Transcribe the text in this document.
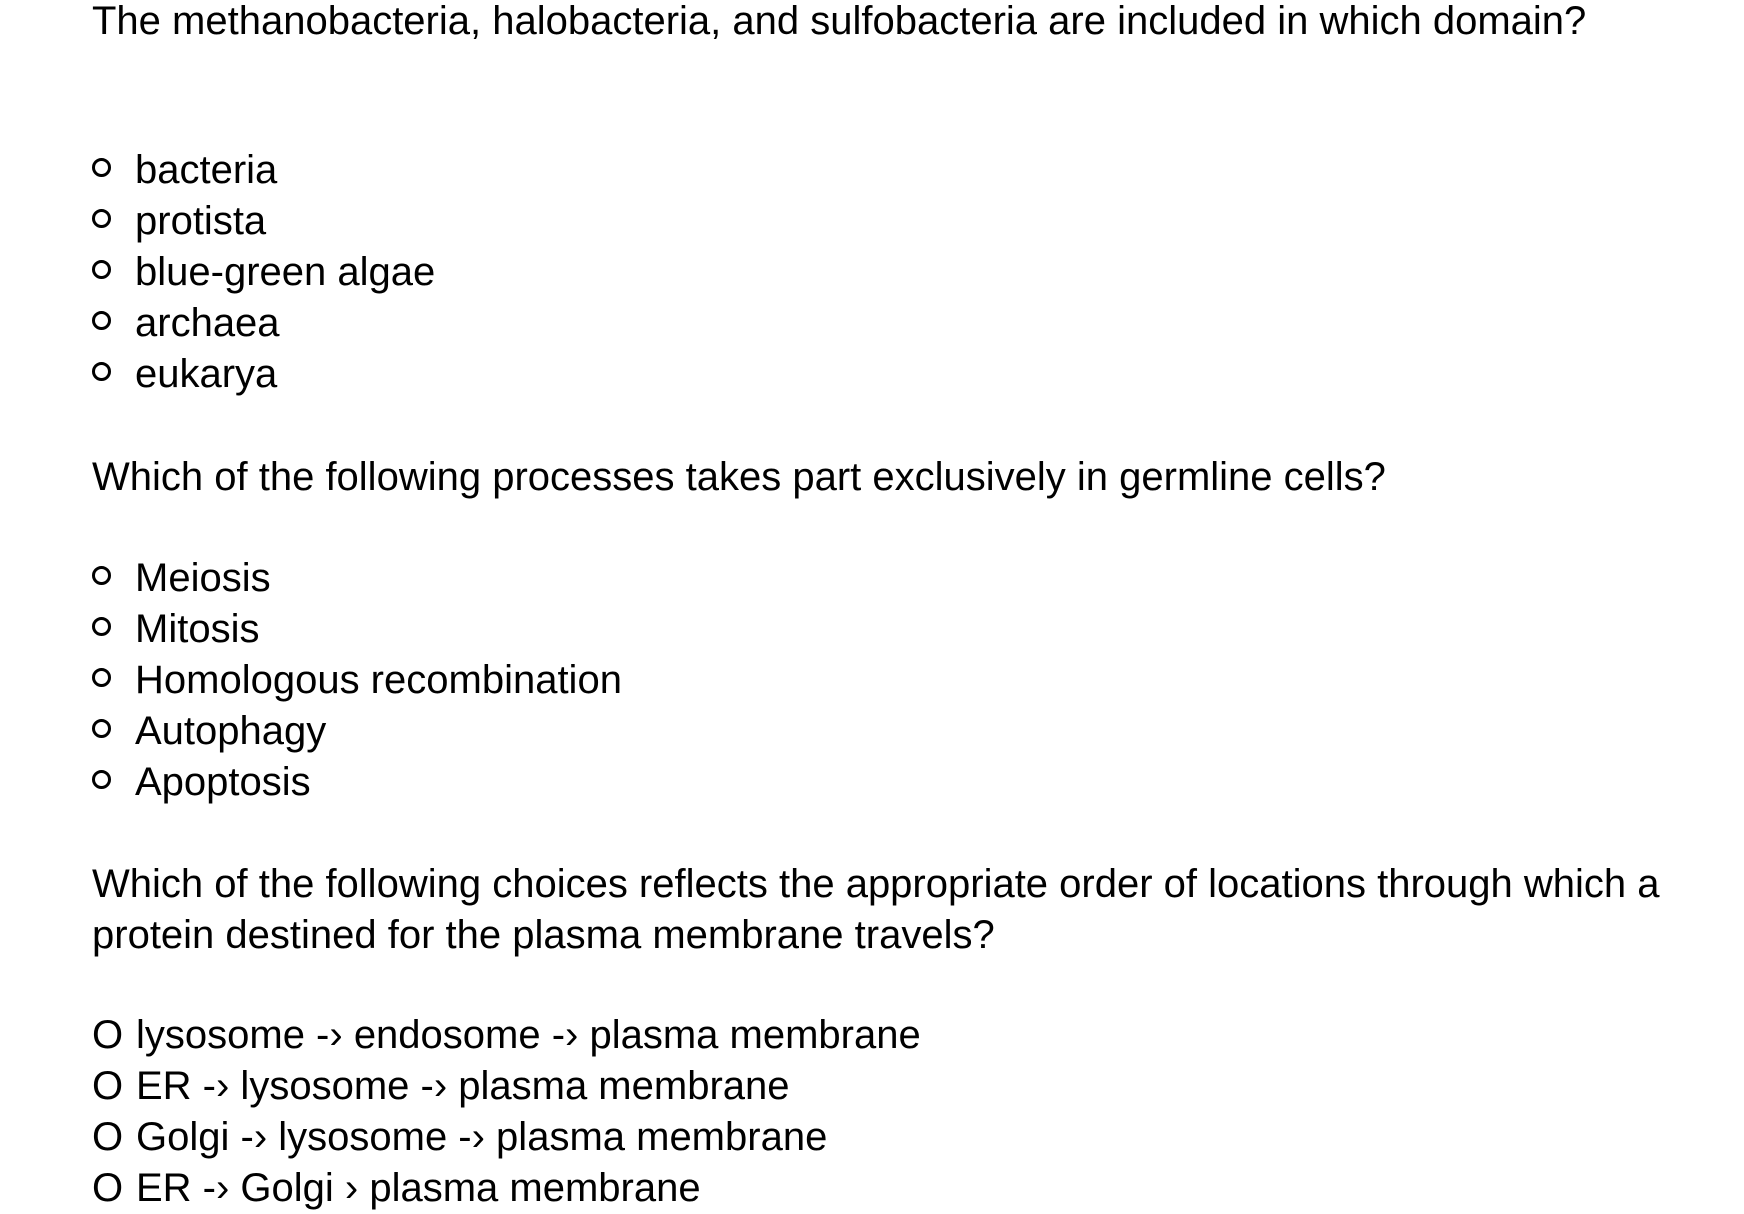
The methanobacteria, halobacteria, and sulfobacteria are included in which domain?

bacteria
protista
blue-green algae
archaea
eukarya

Which of the following processes takes part exclusively in germline cells?

Meiosis
Mitosis
Homologous recombination
Autophagy
Apoptosis

Which of the following choices reflects the appropriate order of locations through which a protein destined for the plasma membrane travels?

O lysosome -› endosome -› plasma membrane
O ER -› lysosome -› plasma membrane
O Golgi -› lysosome -› plasma membrane
O ER -› Golgi › plasma membrane
